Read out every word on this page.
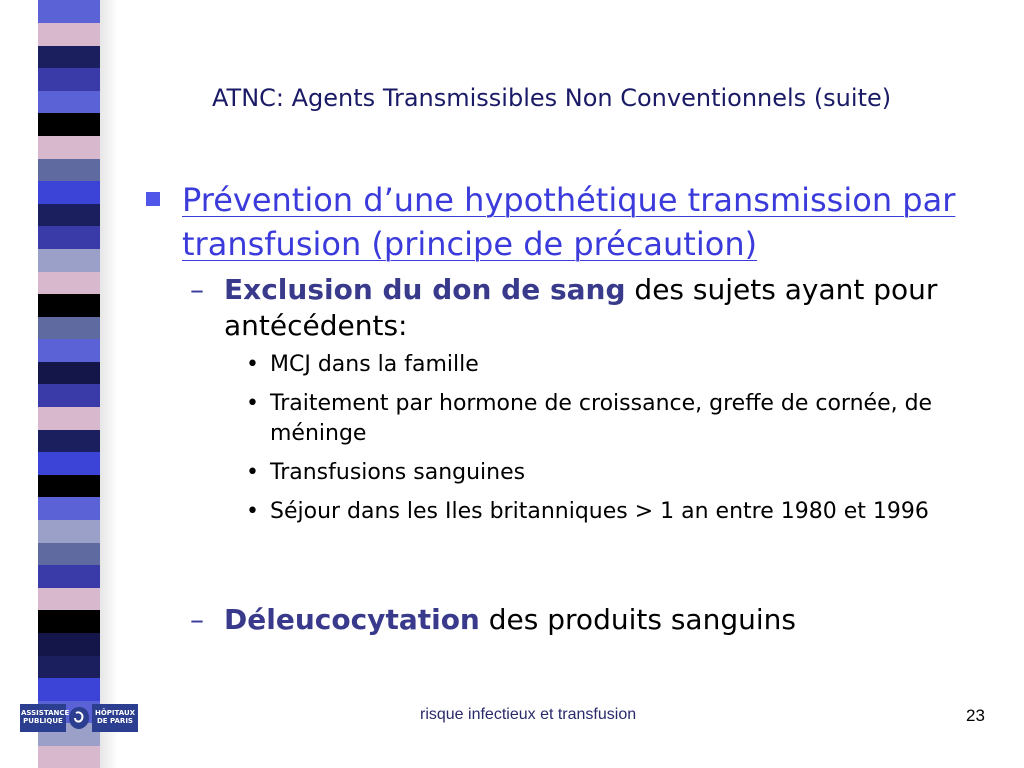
ATNC: Agents Transmissibles Non Conventionnels (suite)
Prévention d’une hypothétique transmission par transfusion (principe de précaution)
– Exclusion du don de sang des sujets ayant pour antécédents:
• MCJ dans la famille
• Traitement par hormone de croissance, greffe de cornée, de méninge
• Transfusions sanguines
• Séjour dans les Iles britanniques > 1 an entre 1980 et 1996
– Déleucocytation des produits sanguins
ASSISTANCE PUBLIQUE
HÔPITAUX DE PARIS	risque infectieux et transfusion	23
